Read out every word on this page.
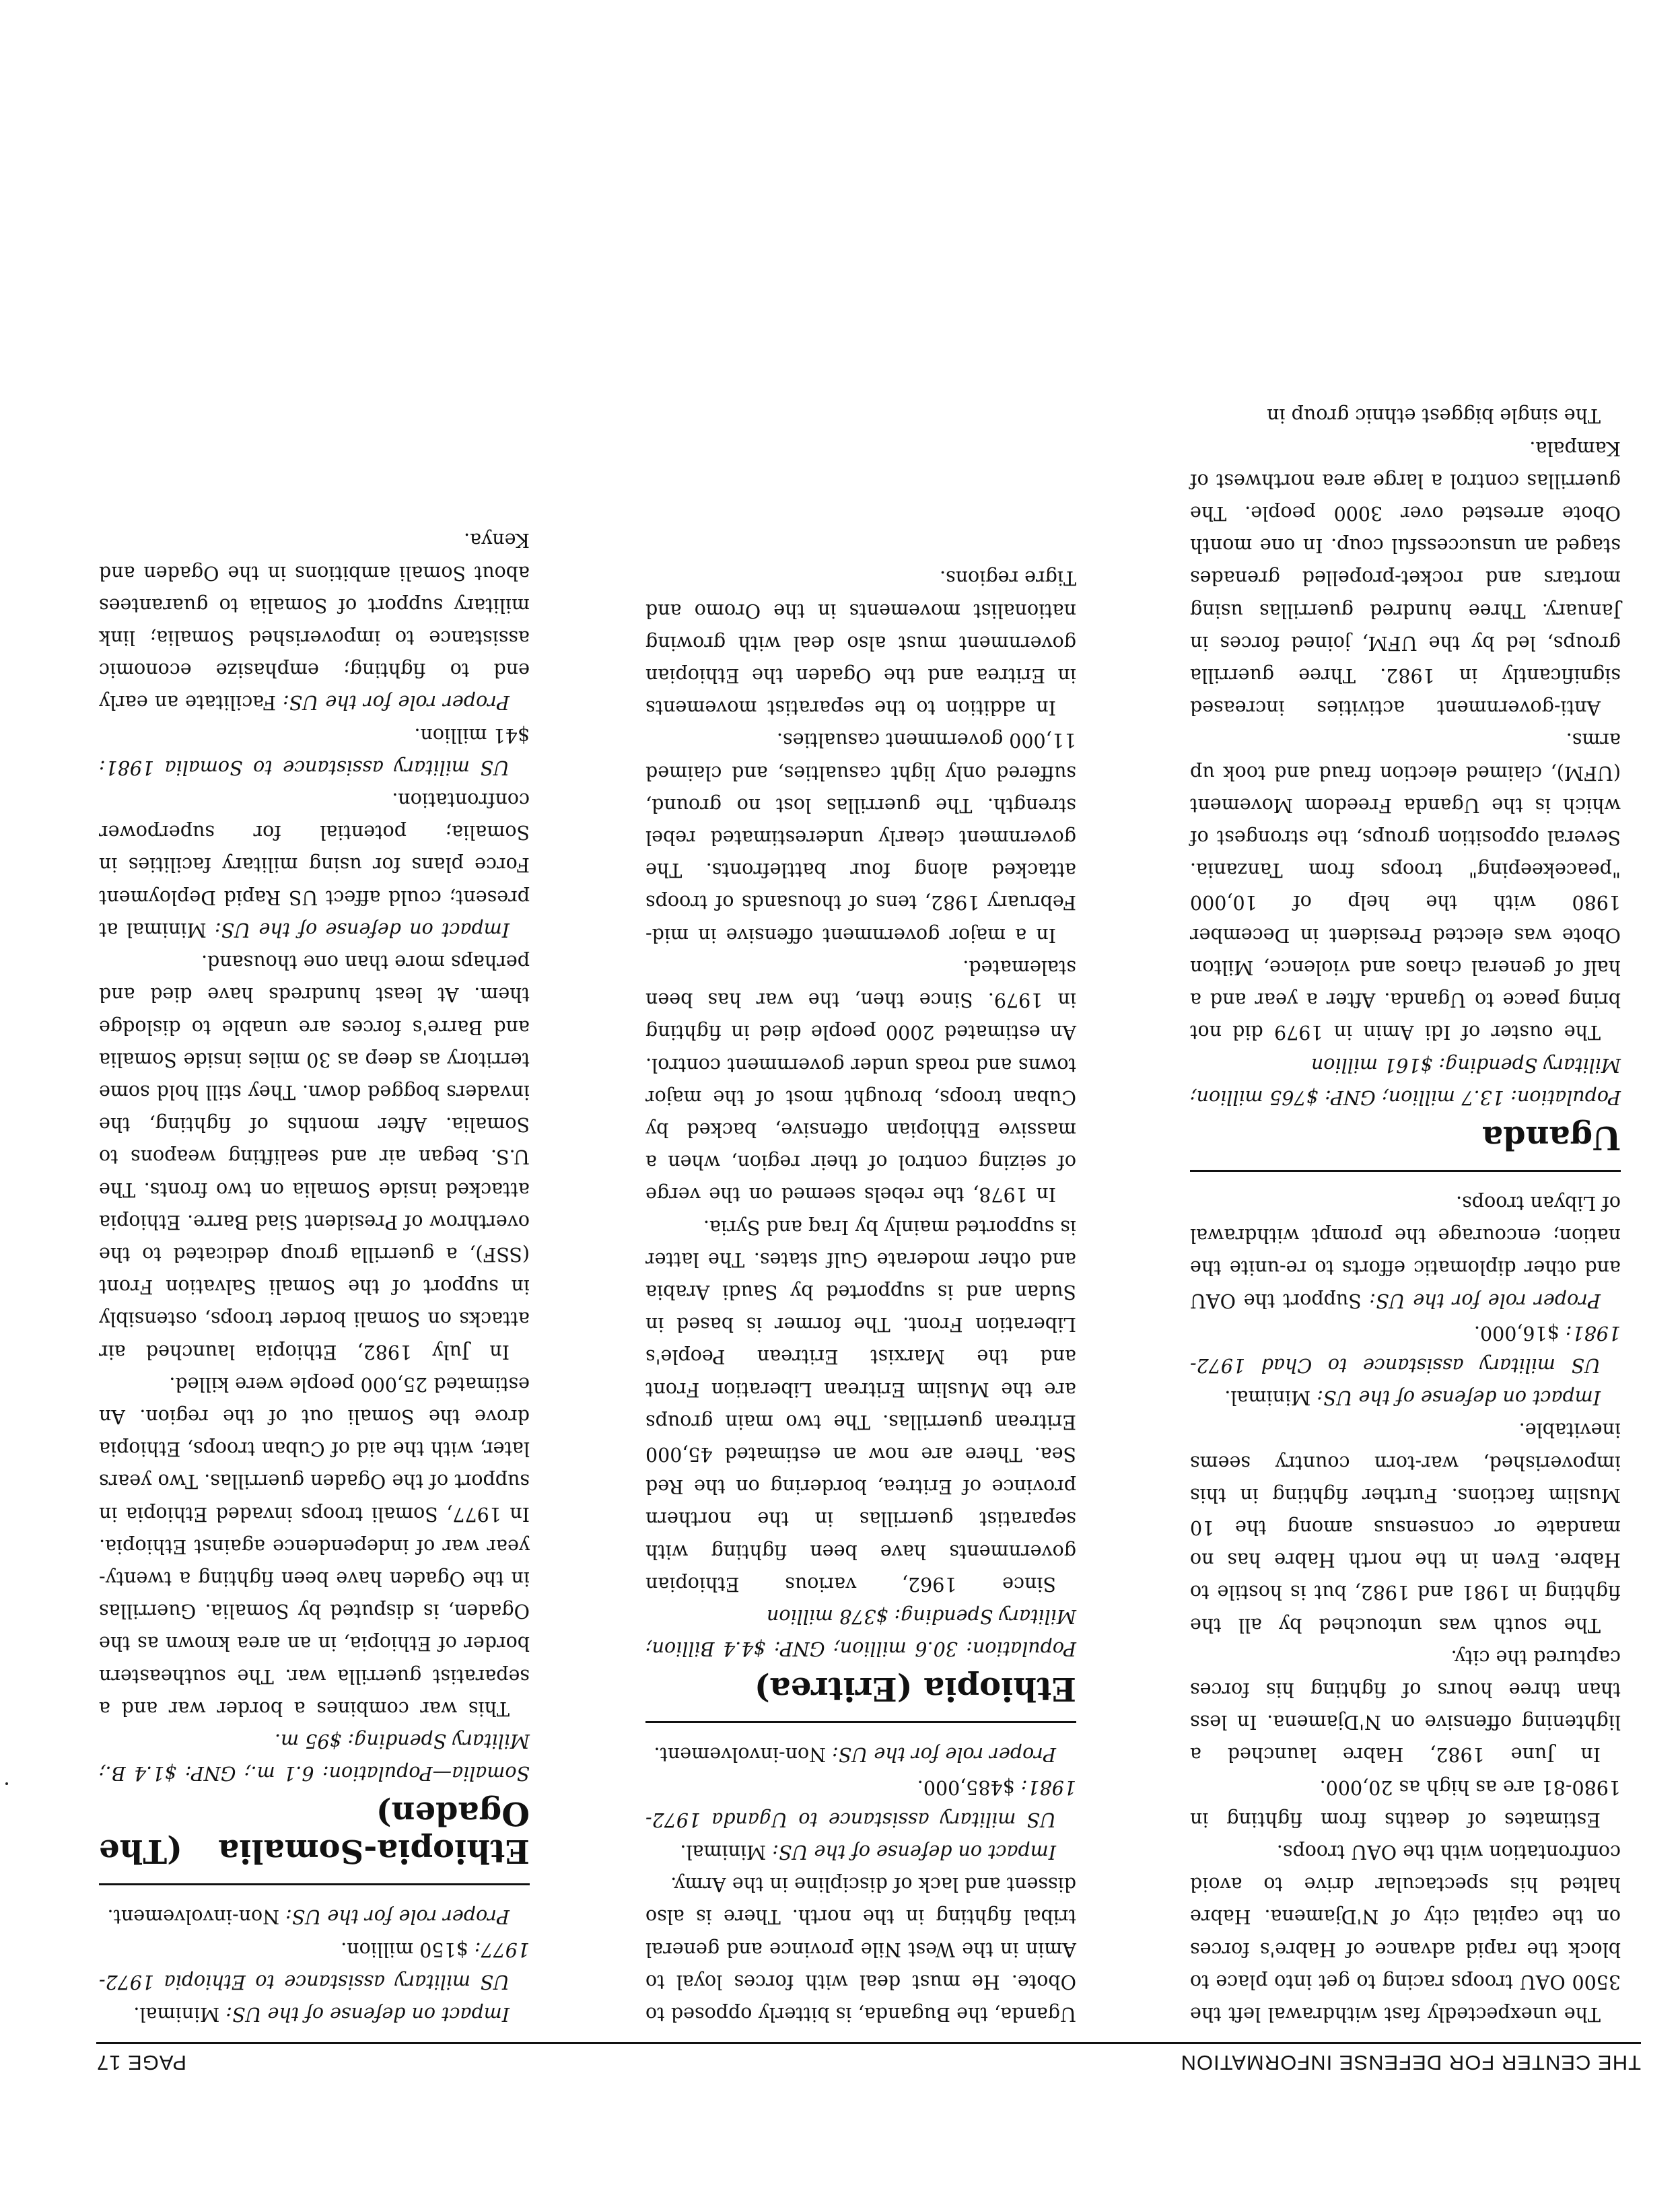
THE CENTER FOR DEFENSE INFORMATION
PAGE 17

The unexpectedly fast withdrawal left the 3500 OAU troops racing to get into place to block the rapid advance of Habre's forces on the capital city of N'Djamena. Habre halted his spectacular drive to avoid confrontation with the OAU troops.

Estimates of deaths from fighting in 1980-81 are as high as 20,000.

In June 1982, Habre launched a lightening offensive on N'Djamena. In less than three hours of fighting his forces captured the city.

The south was untouched by all the fighting in 1981 and 1982, but is hostile to Habre. Even in the north Habre has no mandate or consensus among the 10 Muslim factions. Further fighting in this impoverished, war-torn country seems inevitable.

Impact on defense of the US: Minimal.

US military assistance to Chad 1972-1981: $16,000.

Proper role for the US: Support the OAU and other diplomatic efforts to re-unite the nation; encourage the prompt withdrawal of Libyan troops.

Uganda

Population: 13.7 million; GNP: $765 million; Military Spending: $161 million

The ouster of Idi Amin in 1979 did not bring peace to Uganda. After a year and a half of general chaos and violence, Milton Obote was elected President in December 1980 with the help of 10,000 "peacekeeping" troops from Tanzania. Several opposition groups, the strongest of which is the Uganda Freedom Movement (UFM), claimed election fraud and took up arms.

Anti-government activities increased significantly in 1982. Three guerrilla groups, led by the UFM, joined forces in January. Three hundred guerrillas using mortars and rocket-propelled grenades staged an unsuccessful coup. In one month Obote arrested over 3000 people. The guerrillas control a large area northwest of Kampala.

The single biggest ethnic group in

Uganda, the Buganda, is bitterly opposed to Obote. He must deal with forces loyal to Amin in the West Nile province and general tribal fighting in the north. There is also dissent and lack of discipline in the Army.

Impact on defense of the US: Minimal.

US military assistance to Uganda 1972-1981: $485,000.

Proper role for the US: Non-involvement.

Ethiopia (Eritrea)

Population: 30.6 million; GNP: $4.4 Billion; Military Spending: $378 million

Since 1962, various Ethiopian governments have been fighting with separatist guerrillas in the northern province of Eritrea, bordering on the Red Sea. There are now an estimated 45,000 Eritrean guerrillas. The two main groups are the Muslim Eritrean Liberation Front and the Marxist Eritrean People's Liberation Front. The former is based in Sudan and is supported by Saudi Arabia and other moderate Gulf states. The latter is supported mainly by Iraq and Syria.

In 1978, the rebels seemed on the verge of seizing control of their region, when a massive Ethiopian offensive, backed by Cuban troops, brought most of the major towns and roads under government control. An estimated 2000 people died in fighting in 1979. Since then, the war has been stalemated.

In a major government offensive in mid-February 1982, tens of thousands of troops attacked along four battlefronts. The government clearly underestimated rebel strength. The guerrillas lost no ground, suffered only light casualties, and claimed 11,000 government casualties.

In addition to the separatist movements in Eritrea and the Ogaden the Ethiopian government must also deal with growing nationalist movements in the Oromo and Tigre regions.

Impact on defense of the US: Minimal.

US military assistance to Ethiopia 1972-1977: $150 million.

Proper role for the US: Non-involvement.

Ethiopia-Somalia (The Ogaden)

Somalia—Population: 6.1 m.; GNP: $1.4 B.; Military Spending: $95 m.

This war combines a border war and a separatist guerrilla war. The southeastern border of Ethiopia, in an area known as the Ogaden, is disputed by Somalia. Guerrillas in the Ogaden have been fighting a twenty-year war of independence against Ethiopia. In 1977, Somali troops invaded Ethiopia in support of the Ogaden guerrillas. Two years later, with the aid of Cuban troops, Ethiopia drove the Somali out of the region. An estimated 25,000 people were killed.

In July 1982, Ethiopia launched air attacks on Somali border troops, ostensibly in support of the Somali Salvation Front (SSF), a guerrilla group dedicated to the overthrow of President Siad Barre. Ethiopia attacked inside Somalia on two fronts. The U.S. began air and sealifting weapons to Somalia. After months of fighting, the invaders bogged down. They still hold some territory as deep as 30 miles inside Somalia and Barre's forces are unable to dislodge them. At least hundreds have died and perhaps more than one thousand.

Impact on defense of the US: Minimal at present; could affect US Rapid Deployment Force plans for using military facilities in Somalia; potential for superpower confrontation.

US military assistance to Somalia 1981: $41 million.

Proper role for the US: Facilitate an early end to fighting; emphasize economic assistance to impoverished Somalia; link military support of Somalia to guarantees about Somali ambitions in the Ogaden and Kenya.
